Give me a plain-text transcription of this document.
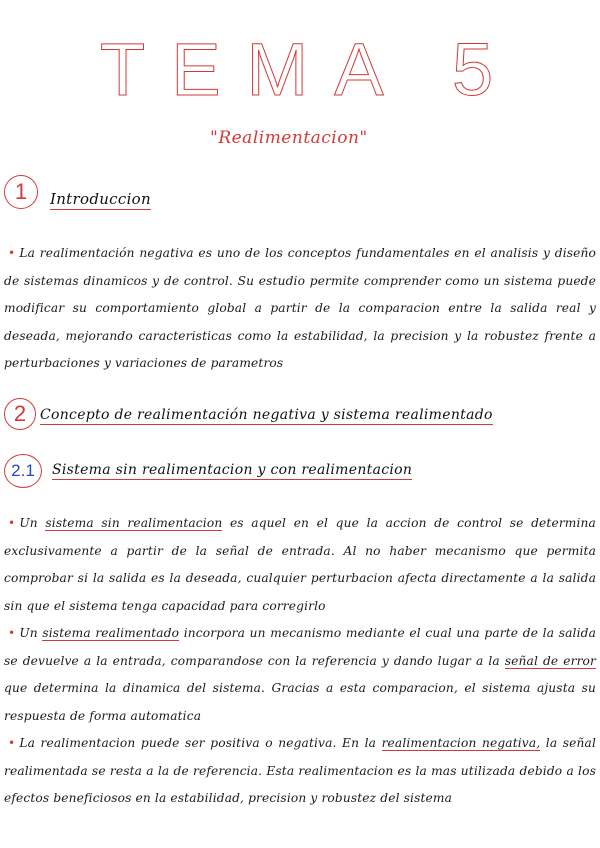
TEMA 5
"Realimentacion"
1 Introduccion
• La realimentación negativa es uno de los conceptos fundamentales en el analisis y diseño de sistemas dinamicos y de control. Su estudio permite comprender como un sistema puede modificar su comportamiento global a partir de la comparacion entre la salida real y deseada, mejorando caracteristicas como la estabilidad, la precision y la robustez frente a perturbaciones y variaciones de parametros
2 Concepto de realimentación negativa y sistema realimentado
2.1 Sistema sin realimentacion y con realimentacion
• Un sistema sin realimentacion es aquel en el que la accion de control se determina exclusivamente a partir de la señal de entrada. Al no haber mecanismo que permita comprobar si la salida es la deseada, cualquier perturbacion afecta directamente a la salida sin que el sistema tenga capacidad para corregirlo
• Un sistema realimentado incorpora un mecanismo mediante el cual una parte de la salida se devuelve a la entrada, comparandose con la referencia y dando lugar a la señal de error que determina la dinamica del sistema. Gracias a esta comparacion, el sistema ajusta su respuesta de forma automatica
• La realimentacion puede ser positiva o negativa. En la realimentacion negativa, la señal realimentada se resta a la de referencia. Esta realimentacion es la mas utilizada debido a los efectos beneficiosos en la estabilidad, precision y robustez del sistema
